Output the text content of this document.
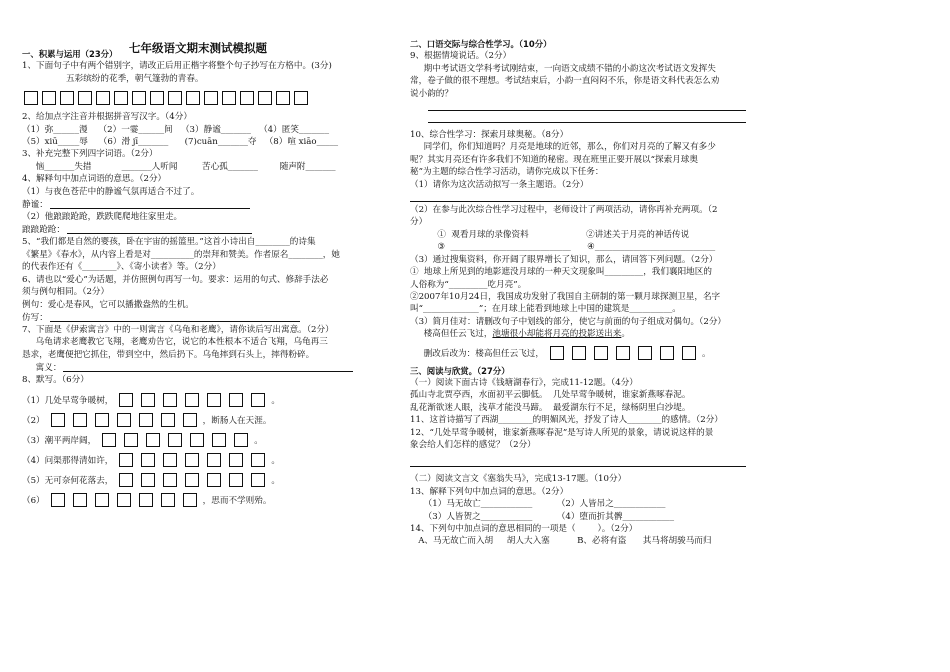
七年级语文期末测试模拟题
一、积累与运用（23分）
1、下面句子中有两个错别字，请改正后用正楷字将整个句子抄写在方格中。(3分)
五彩缤纷的花季，朝气篷勃的青春。
2、给加点字注音并根据拼音写汉字。（4分）
（1）弥______漫    （2）一霎______间   （3）静谧_______   （4）匿笑_______
（5）xiū_____辱    （6）滑 jī_______      (7)cuān_______夺   （8）喧 xiāo_____
3、补充完整下列四字词语。（2分）
恼_______失措           _______人听闻         苦心孤_______        随声附_______
4、解释句中加点词语的意思。（2分）
（1）与夜色苍茫中的静谧气氛再适合不过了。
静谧：
（2）他踉踉跄跄，跌跌爬爬地往家里走。
踉踉跄跄：
5、“我们都是自然的婴孩，卧在宇宙的摇篮里。”这首小诗出自________的诗集
《繁星》《春水》，从内容上看是对__________的崇拜和赞美。作者原名________，她
的代表作还有《________》、《寄小读者》等。（2分）
6、请也以“爱心”为话题，并仿照例句再写一句。要求：运用的句式、修辞手法必
须与例句相同。（2分）
例句：爱心是春风，它可以播撒盎然的生机。
仿写：
7、下面是《伊索寓言》中的一则寓言《乌龟和老鹰》，请你读后写出寓意。（2分）
乌龟请求老鹰教它飞翔，老鹰劝告它，说它的本性根本不适合飞翔，乌龟再三
恳求，老鹰便把它抓住，带到空中，然后扔下。乌龟摔到石头上，摔得粉碎。
寓义：
8、默写。（6分）
（1）几处早莺争暖树，	。
（2）	，断肠人在天涯。
（3）潮平两岸阔，	。
（4）问渠那得清如许，	。
（5）无可奈何花落去，	。
（6）	，思而不学则殆。
二、口语交际与综合性学习。（10分）
9、根据情境说话。（2分）
期中考试语文学科考试刚结束，一向语文成绩不错的小韵这次考试语文发挥失
常，卷子做的很不理想。考试结束后，小韵一直闷闷不乐，你是语文科代表怎么劝
说小韵的？
10、综合性学习：探索月球奥秘。（8分）
同学们，你们知道吗？月亮是地球的近邻，那么，你们对月亮的了解又有多少
呢？其实月亮还有许多我们不知道的秘密。现在班里正要开展以“探索月球奥
秘”为主题的综合性学习活动，请你完成以下任务：
（1）请你为这次活动拟写一条主题语。（2分）
（2）在参与此次综合性学习过程中，老师设计了两项活动，请你再补充两项。（2
分）
①  观看月球的录像资料                     ②讲述关于月亮的神话传说
③  ____________________________      ④____________________________
（3）通过搜集资料，你开阔了眼界增长了知识，那么，请回答下列问题。（2分）
①  地球上所见到的地影遮没月球的一种天文现象叫_________，我们襄阳地区的
人俗称为“_________吃月亮”。
②2007年10月24日，我国成功发射了我国自主研制的第一颗月球探测卫星，名字
叫“_____________”；在月球上能看到地球上中国的建筑是__________。
（3）简月佳对：请删改句子中划线的部分，使它与前面的句子组成对偶句。（2分）
楼高但任云飞过，池塘很小却能将月亮的投影送出来。
删改后改为：楼高但任云飞过，	。
三、阅读与欣赏。（27分）
（一）阅读下面古诗《钱塘湖春行》，完成11-12题。（4分）
孤山寺北贾亭西，水面初平云脚低。  几处早莺争暖树，谁家新燕啄春泥。
乱花渐欲迷人眼，浅草才能没马蹄。  最爱湖东行不足，绿杨阴里白沙堤。
11、这首诗描写了西湖________的明媚风光，抒发了诗人________的感情。（2分）
12、“几处早莺争暖树，谁家新燕啄春泥”是写诗人所见的景象，请说说这样的景
象会给人们怎样的感觉？（2分）
（二）阅读文言文《塞翁失马》，完成13-17题。（10分）
13、解释下列句中加点词的意思。（2分）
（1）马无故亡____________         （2）人皆吊之____________
（3）人皆贺之____________         （4）堕而折其髀____________
14、下列句中加点词的意思相同的一项是（        ）。（2分）
A、马无故亡而入胡     胡人大入塞          B、必将有盗      其马将胡骏马而归
